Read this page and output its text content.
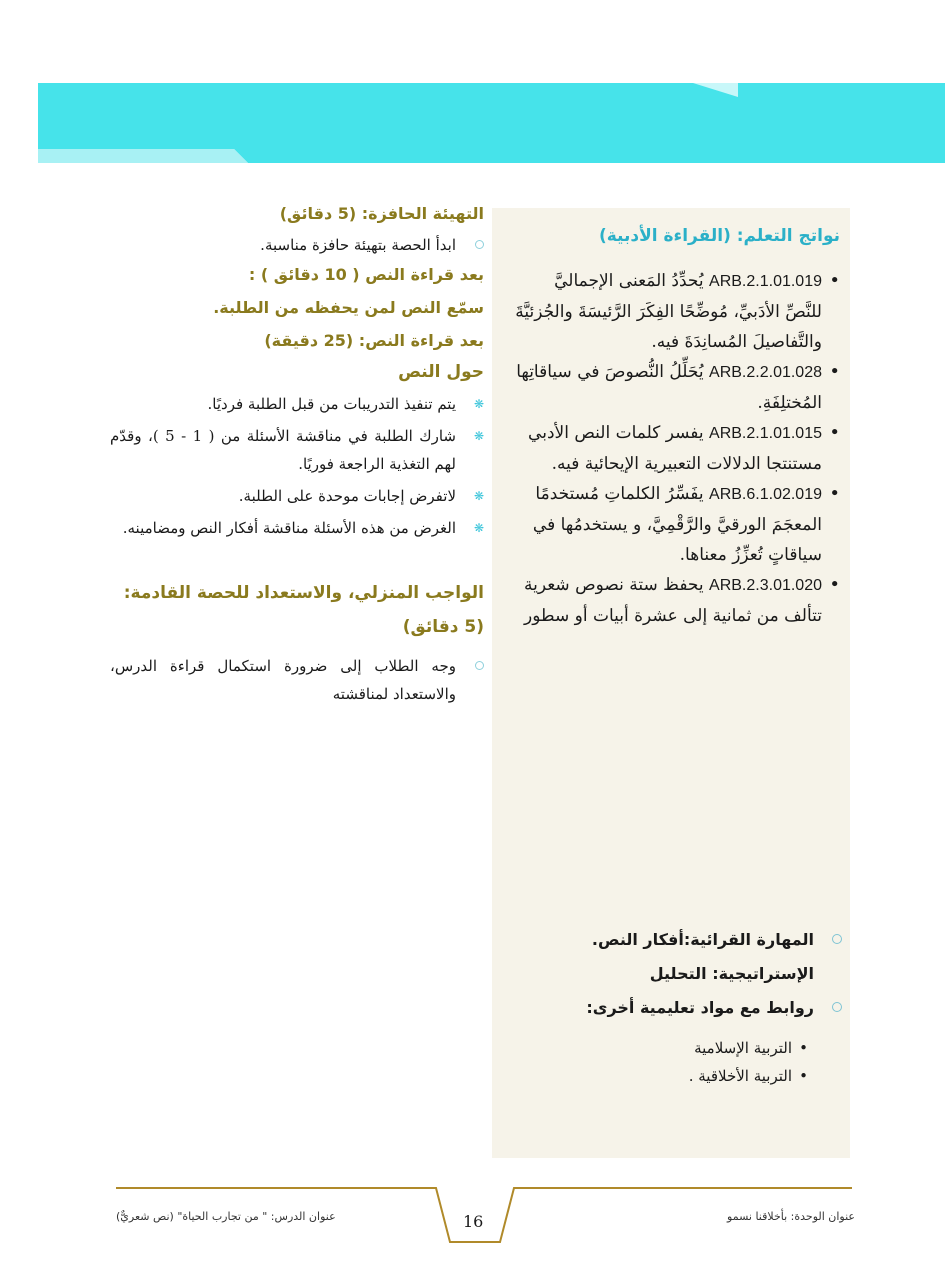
نواتج التعلم: (القراءة الأدبية)
• ARB.2.1.01.019 يُحدِّدُ المَعنى الإجماليَّ للنَّصِّ الأدَبيِّ، مُوضِّحًا الفِكَرَ الرَّئيسَةَ والجُزئيَّةَ والتَّفاصيلَ المُسانِدَةَ فيه.
• ARB.2.2.01.028 يُحَلِّلُ النُّصوصَ في سياقاتِها المُختلِفَةِ.
• ARB.2.1.01.015 يفسر كلمات النص الأدبي مستنتجا الدلالات التعبيرية الإيحائية فيه.
• ARB.6.1.02.019 يفَسِّرُ الكلماتِ مُستخدمًا المعجَمَ الورقيَّ والرَّقْمِيَّ، و يستخدمُها في سياقاتٍ تُعزِّزُ معناها.
• ARB.2.3.01.020 يحفظ ستة نصوص شعرية تتألف من ثمانية إلى عشرة أبيات أو سطور
المهارة القرائية:أفكار النص.
الإستراتيجية: التحليل
روابط مع مواد تعليمية أخرى:
• التربية الإسلامية
• التربية الأخلاقية .
التهيئة الحافزة: (5 دقائق)
ابدأ الحصة بتهيئة حافزة مناسبة.
بعد قراءة النص ( 10 دقائق ) :
سمّع النص لمن يحفظه من الطلبة.
بعد قراءة النص: (25 دقيقة)
حول النص
❋
يتم تنفيذ التدريبات من قبل الطلبة فرديًا.
❋
شارك الطلبة في مناقشة الأسئلة من ( 1 - 5 )، وقدّم لهم التغذية الراجعة فوريًا.
❋
لاتفرض إجابات موحدة على الطلبة.
❋
الغرض من هذه الأسئلة مناقشة أفكار النص ومضامينه.
الواجب المنزلي، والاستعداد للحصة القادمة: (5 دقائق)
وجه الطلاب إلى ضرورة استكمال قراءة الدرس، والاستعداد لمناقشته
عنوان الدرس: " من تجارب الحياة" (نص شعريٌّ)	16	عنوان الوحدة: بأخلاقنا نسمو
